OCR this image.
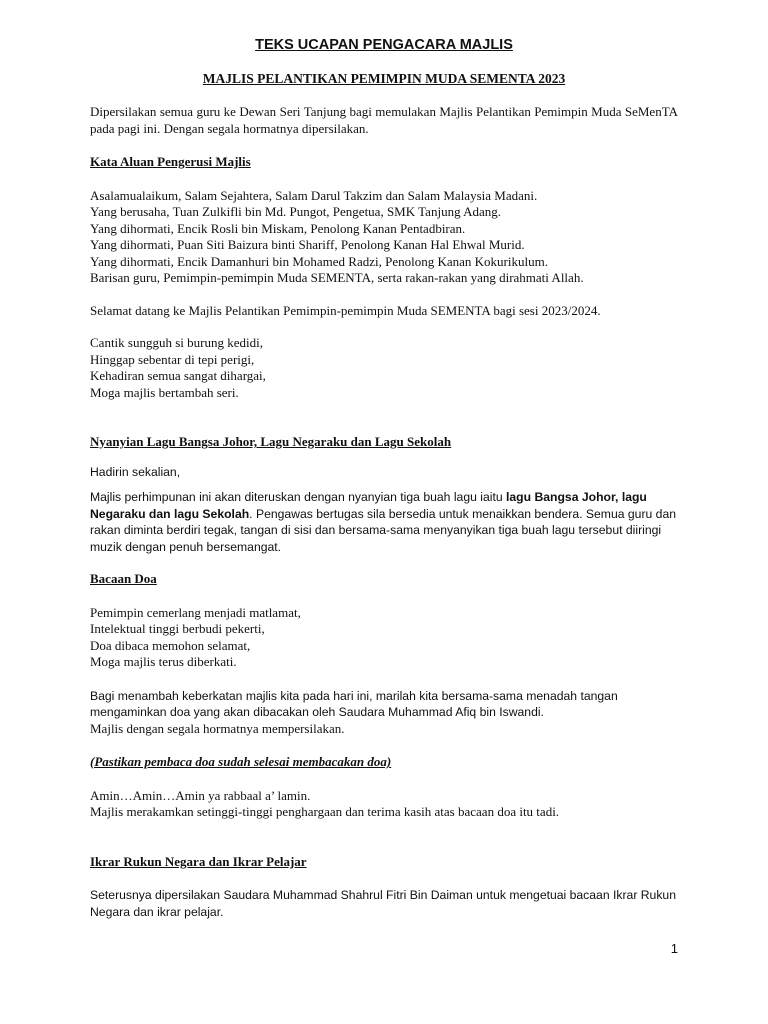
TEKS UCAPAN PENGACARA MAJLIS
MAJLIS PELANTIKAN PEMIMPIN MUDA SEMENTA 2023

Dipersilakan semua guru ke Dewan Seri Tanjung bagi memulakan Majlis Pelantikan Pemimpin Muda SeMenTA pada pagi ini. Dengan segala hormatnya dipersilakan.

Kata Aluan Pengerusi Majlis

Asalamualaikum, Salam Sejahtera, Salam Darul Takzim dan Salam Malaysia Madani.
Yang berusaha, Tuan Zulkifli bin Md. Pungot, Pengetua, SMK Tanjung Adang.
Yang dihormati, Encik Rosli bin Miskam, Penolong Kanan Pentadbiran.
Yang dihormati, Puan Siti Baizura binti Shariff, Penolong Kanan Hal Ehwal Murid.
Yang dihormati, Encik Damanhuri bin Mohamed Radzi, Penolong Kanan Kokurikulum.
Barisan guru, Pemimpin-pemimpin Muda SEMENTA, serta rakan-rakan yang dirahmati Allah.

Selamat datang ke Majlis Pelantikan Pemimpin-pemimpin Muda SEMENTA bagi sesi 2023/2024.

Cantik sungguh si burung kedidi,
Hinggap sebentar di tepi perigi,
Kehadiran semua sangat dihargai,
Moga majlis bertambah seri.

Nyanyian Lagu Bangsa Johor, Lagu Negaraku dan Lagu Sekolah

Hadirin sekalian,

Majlis perhimpunan ini akan diteruskan dengan nyanyian tiga buah lagu iaitu lagu Bangsa Johor, lagu Negaraku dan lagu Sekolah. Pengawas bertugas sila bersedia untuk menaikkan bendera. Semua guru dan rakan diminta berdiri tegak, tangan di sisi dan bersama-sama menyanyikan tiga buah lagu tersebut diiringi muzik dengan penuh bersemangat.

Bacaan Doa

Pemimpin cemerlang menjadi matlamat,
Intelektual tinggi berbudi pekerti,
Doa dibaca memohon selamat,
Moga majlis terus diberkati.

Bagi menambah keberkatan majlis kita pada hari ini, marilah kita bersama-sama menadah tangan mengaminkan doa yang akan dibacakan oleh Saudara Muhammad Afiq bin Iswandi.

Majlis dengan segala hormatnya mempersilakan.

(Pastikan pembaca doa sudah selesai membacakan doa)

Amin…Amin…Amin ya rabbaal a’ lamin.

Majlis merakamkan setinggi-tinggi penghargaan dan terima kasih atas bacaan doa itu tadi.

Ikrar Rukun Negara dan Ikrar Pelajar

Seterusnya dipersilakan Saudara Muhammad Shahrul Fitri Bin Daiman untuk mengetuai bacaan Ikrar Rukun Negara dan ikrar pelajar.

1
